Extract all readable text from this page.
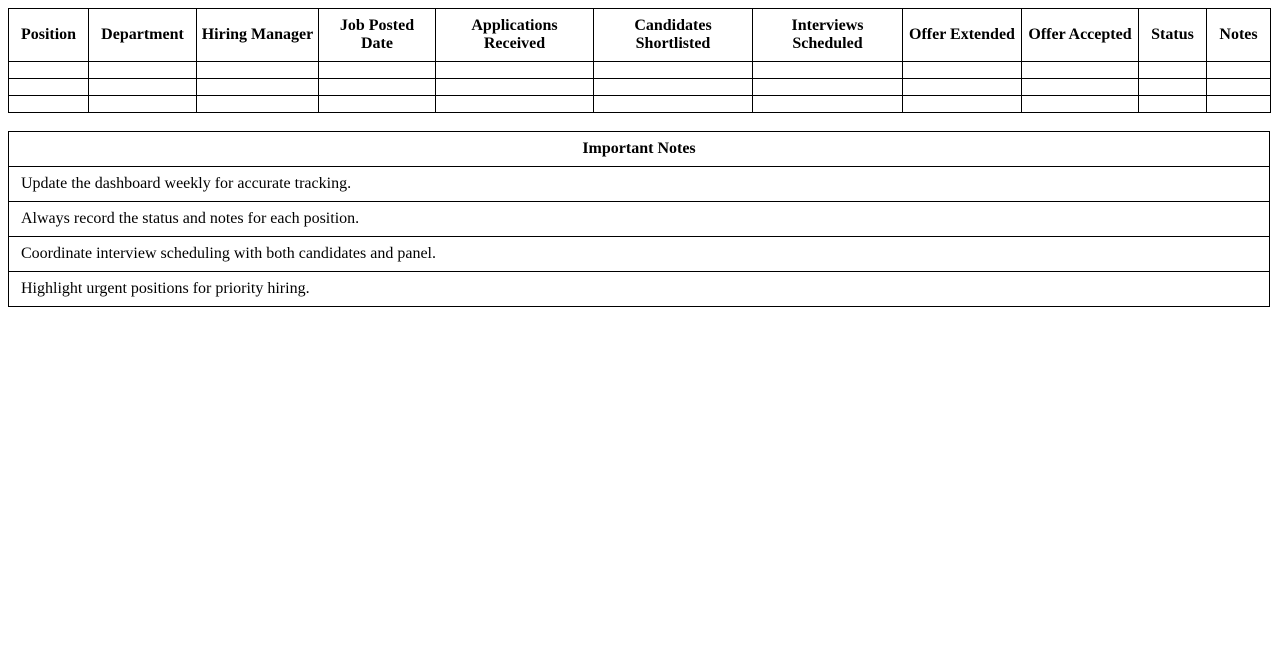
Position	Department	Hiring Manager	Job Posted Date	Applications Received	Candidates Shortlisted	Interviews Scheduled	Offer Extended	Offer Accepted	Status	Notes

Important Notes
Update the dashboard weekly for accurate tracking.
Always record the status and notes for each position.
Coordinate interview scheduling with both candidates and panel.
Highlight urgent positions for priority hiring.
